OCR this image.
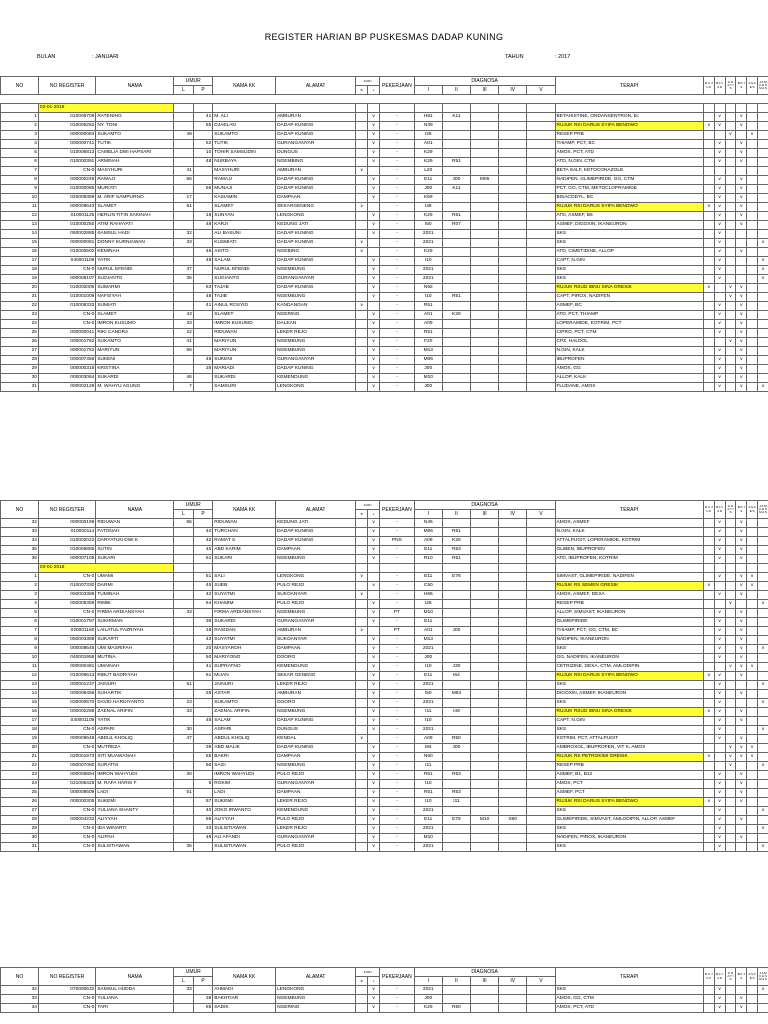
REGISTER HARIAN BP PUSKESMAS DADAP KUNING
BULAN	: JANUARI	TAHUN	: 2017
NO	NO REGISTER	NAMA	UMUR		NAMA KK	ALAMAT	KUNJ		PEKERJAAN	DIAGNOSA					TERAPI	R U J U K	B A Y A R	G R A T I S	B P J S	A S K E S	J A M K E S M A S
			L	P			B	L		I	II	III	IV	V							

	02-01-2018																				
1	010006708	RATENING		41	M. ALI	AMBURAN		v	-	H81	K11				BETAHISTINE, ONDANSENTRON, bc		v		v		
2	010006282	NY. TONI		55	DJAELAN	DADAP KUNING		v	-	N39					RUJUK RSI DARUS SYIFA BENOWO	v	v		v		
3	000000084	SUKAMTO	49		SUKAMTO	DADAP KUNING		v	-	I25					RESEP PRB			v		v	
4	000000741	TUTIK		52	TUTIK	GURANGANYAR		v	-	A01					THIAMP, PCT, BC		v		v		
5	010006813	CAMELIA DWI HAPSARI		10	TOHIR SAMSUDIN	DUNGUS		v	-	K29					AMOX, PCT, ATD		v		v		
6	010000391	ARMINAH		48	NURBAYA	NGEMBING		v	-	K29	R51				ATD, N.GIN, CTM		v		v		
7	CN-0	MASYHURI	41		MASYHURI	AMBURAN	v		-	L20					BETA SALF, KETOCONAZOLE						
8	000000248	RAMAJI	66		RAMAJI	DADAP KUNING		v	-	E11	J00	M06			NADIFEN, GLIMEPIRIDE, GG, CTM		v		v		
9	010000085	MURIATI		56	MUNAJI	DADAP KUNING		v	-	J00	K11				PCT, GG, CTM, METOCLOPRAMIDE		v		v		
10	020008369	M. ARIF SAMPURNO	17		KASIAMIN	DAMPAAN		v	-	K59					BISACODYL, BC		v		v		
11	000008643	SLAMET	61		SLAMET	SEKARGENENG	v		-	I48					RUJUK RSI DARUS SYIFA BENOWO	v	v		v		
12	010001125	HERLIN TITIN SAKINAH		18	SUNYAN	LENGKONG		v	-	K29	R51				ATD, ASMEF, B6		v		v		
13	010000250	ATIM RAHAYATI		48	KARJI	KEDUNG JATI		v	-	I50	R07				ASMEF, DIGOXIN, IKANEURON		v		v		
14	050002885	SAMSUL HADI	32		ALI BASUNI	DADAP KUNING		v	-	2021					SKS		v				
15	000000081	DONNY KURNIAWAN	33		KUSMIATI	DADAP KUNING	v		-	2021					SKS		v				v
16	010000502	KEMINAH		48	ASITO	NGEBING	v		-	K29					ATD, CIMETIDINE, ALLOP		v		v		
17	040001109	YATIK		48	SALAM	DADAP KUNING		v	-	I10					CAPT, N.GIN		v				v
18	CN-0	NURUL EFENDI	37		NURUL EFENDI	NGEMBUNG		v	-	2021					SKS		v				v
19	000008107	SUGIANTO	35		SUGIANTO	GURANGANYAR		v	-	2021					SKS		v				v
20	010002006	SUMARMI		63	TAJAB	DADAP KUNING		v	-	N92					RUJUK RSUD IBNU SINA GRESIK	v		v	v		
21	010001009	NAFSIYAH		48	TAJIB	NGEMBUNG		v	-	I10	R51				CAPT, PIROX, NADIFEN			v	v		
22	010008333	SUMIATI		41	AINUL ROSYID	KANDANGAN	v		-	R51					ASMEF, BC		v		v		
23	CN-0	SLAMET	43		SLAMET	NGERING		v	-	A01	K29				ATD, PCT, THIAMP		v		v		
24	CN-0	IMRON KUSUMO	33		IMRON KUSUMO	DALEAN		v	-	A09					LOPERAMIDE, KOTRIM, PCT		v		v		
25	000000041	RIKI CANDRA	22		RIDUWAN	LEKER REJO		v	-	R51					CIPRO, PCT, CTM		v		v		
26	000001762	SUKAMTO	41		MARIYUN	NGEMBUNG		v	-	F20					CPZ, HALDOL			v	v		
27	000001762	MARIYUN	65		MARIYUN	NGEMBUNG		v	-	M13					N.GIN, KALK		v		v		
28	000007456	SUKENI		49	SUKENI	GURANGANYAR		v	-	M06					IBUPROFEN		v		v		
29	000000318	KRISTINA		26	MARIADI	DADAP KUNING		v	-	J00					AMOX, GG		v		v		
30	000003064	SUKARDI	46		SUKARDI	KEMENDUNG		v	-	M10					ALLOP, KALK		v		v		
31	000002129	M. WAHYU AGUNG	7		SAMSURI	LENGKONG		v	-	J00					FLUDANE, AMOX		v		v		v
NO	NO REGISTER	NAMA	UMUR		NAMA KK	ALAMAT	KUNJ		PEKERJAAN	DIAGNOSA					TERAPI	R U J U K	B A Y A R	G R A T I S	B P J S	A S K E S	J A M K E S M A S
			L	P			B	L		I	II	III	IV	V							
32	000000199	RIDUWAN	65		RIDUWAN	KEDUNG JATI		v	-	N45					AMOX, ASMEF		v		v		
33	010000114	FATONAH		40	TURCHAN	DADAP KUNING		v	-	M06	R51				N.GIN, KALK		v		v		
34	010002022	DARYATUN DWI K		42	RAMAT S	DADAP KUNING		v	PNS	A09	K29				ATTALPUGIT, LOPERAMIDE, KOTRIM		v		v		
35	010006885	SUTIN		45	ABD KARIM	DAMPAAN		v	-	E11	R53				GLIBEN, IBUPROFEN		v		v		
36	000007105	SUKARI		51	SUKARI	NGEMBUNG		v	-	R10	R51				ATD, IBUPROFEN, KOTRIM		v		v		
	03-01-2018																				
1	CN-0	UMAMI		51	SALI	LENGKONG	v		-	E11	E78				SIMVAST, GLIMEPIRIDE, NADIFEN		v		v	v	
2	010007330	DARMI		45	SUEB	PULO REJO		v	-	C50					RUJUK RS SEMEN GRESIK	v			v	v	
3	050003388	TUMINAH		42	SUYATMI	SUKOANYAR	v		-	H66					AMOX, ASMEF, DEXA		v		v		
4	050008359	RIMBI		64	KHAMIM	PULO REJO		v	-	I25					RESEP PRB			v			v
5	CN-0	FIRMA ARDIANSYAH	33		FIRMA ARDIANSYAH	NGEMBUNG		v	PT	M10					ALLOP, SIMVAST, IKANEURON		v		v		
6	010001797	SUKIRMAN		38	SUKARDI	GURANGANYAR		v	-	E11					GLIMEPIRIDE		v		v		
7	020001160	LAILATUL FAZRIYAH		18	RASIDAN	AMBURAN	v		PT	A01	J00				THIAMP, PCT, GG, CTM, BC		v		v		
8	050003388	SUKARTI		43	SUYATMI	SUKOANYAR		v	-	M13					NADIFEN, IKANEURON		v		v		
9	000008646	UMI MASRIFAH		20	MASYAROH	DAMPAAN		v	-	2021					SKS		v		v		v
10	040001958	MUTINA		60	MARIYONO	DOORO		v	-	J00					GG, NADIFEN, IKANEURON		v		v		
11	000000481	UMAINAH		41	SUPRATNO	KEMENDUNG		v	-	I10	J30				CETRIZINE, DEXA, CTM, AMLODIPIN			v	v	v	
12	010006613	RIBUT BADRIYAH		61	MIJAN	SEKAR GENENG		v	-	E11	I64				RUJUK RSI DARUS SYIFA BENOWO	v	v		v		
13	000001237	JAINURI	51		JAINURI	LEKER REJO		v	-	2021					SKS		v				v
14	000008456	SUHARTIK		28	ASTAR	AMBURAN		v	-	I50	M54				DIGOXIN, ASMEF, IKANEURON		v		v		
15	030000570	DAVID HARDIYANTO	23		SUKAMTO	DOORO		v	-	2021					SKS		v				v
16	000002288	ZAENAL ARIFIN	33		ZAENAL ARIFIN	NGEMBUNG		v	-	I11	I49				RUJUK RSUD IBNU SINA GRESIK	v	v		v		
17	040001109	YATIK		48	SALAM	DADAP KUNING		v	-	I10					CAPT, N.GIN		v		v		
18	CN-0	ASPARI	30		ASPARI	DUNGUS		v	-	2021					SKS		v				v
19	000008648	ABDUL KHOLIQ	47		ABDUL KHOLIQ	KENDAL	v		-	A09	R50				KOTRIM, PCT, ATTALPUGIT		v		v		
20	CN-0	MUTREZA		39	ABD MALIK	DADAP KUNING		v	-	I84	J00				AMBROXOL, IBUPROFEN, VIT K, AMOX			v	v	v	
21	020001973	SITI MUAWANAH		55	BAKRI	DAMPAAN		v	-	N60					RUJUK RS PETROKIMI GRESIK	v		v	v	v	
22	050007080	SURATNI		56	SAGI	NGEMBUNG		v	-	I11					RESEP PRB			v			v
23	000006894	IMRON WAHYUDI	30		IMRON WAHYUDI	PULO REJO		v	-	R51	R53				ASMEF, B1, B12		v		v		
24	021006428	M. RAFA HARIS F		6	ROKIM	GURANGANYAR		v	-	I10					AMOX, PCT		v		v		
25	000008509	LADI	51		LADI	DAMPAAN		v	-	R51	R53				ASMEF, PCT		v		v		
26	000000305	SUKEMI		57	SUKEMI	LEKER REJO		v	-	I10	I11				RUJUK RSI DARUS SYIFA BENOWO	v	v		v		
27	CN-0	YULIANA SHANTY		40	JOKO IRWANTO	KEMENDUNG		v	-	2021					SKS		v				v
28	000004232	ALIYYAH		56	ALIYYAH	PULO REJO		v	-	E11	E78	M10	S90		GLIMEPIRIDE, SIMVAST, AMLODIPIN, ALLOP, ASMEF		v		v		
29	CN-0	IDA WINARTI		33	SULISTIAWAN	LEKER REJO		v	-	2021					SKS		v				v
30	CN-0	ALIPAH		48	ALI AFANDI	GURANGANYAR		v	-	M10					NADIFEN, PIROX, IKANEURON		v		v		
31	CN-0	SULISTIAWAN	35		SULISTIAWAN	PULO REJO		v	-	2021					SKS		v				v
NO	NO REGISTER	NAMA	UMUR		NAMA KK	ALAMAT	KUNJ		PEKERJAAN	DIAGNOSA					TERAPI	R U J U K	B A Y A R	G R A T I S	B P J S	A S K E S	J A M K E S M A S
			L	P			B	L		I	II	III	IV	V							
32	070000632	SAMSUL HUDDA	33		AHMADI	LENGKONG		v	-	2021					SKS		v				v
33	CN-0	YULIANA		38	BAKHTIAR	NGEMBUNG		v	-	J00					AMOX, GG, CTM		v		v		
34	CN-0	TARI		65	SADIK	NGERING		v	-	K29	R50				AMOX, PCT, ATD		v		v		
